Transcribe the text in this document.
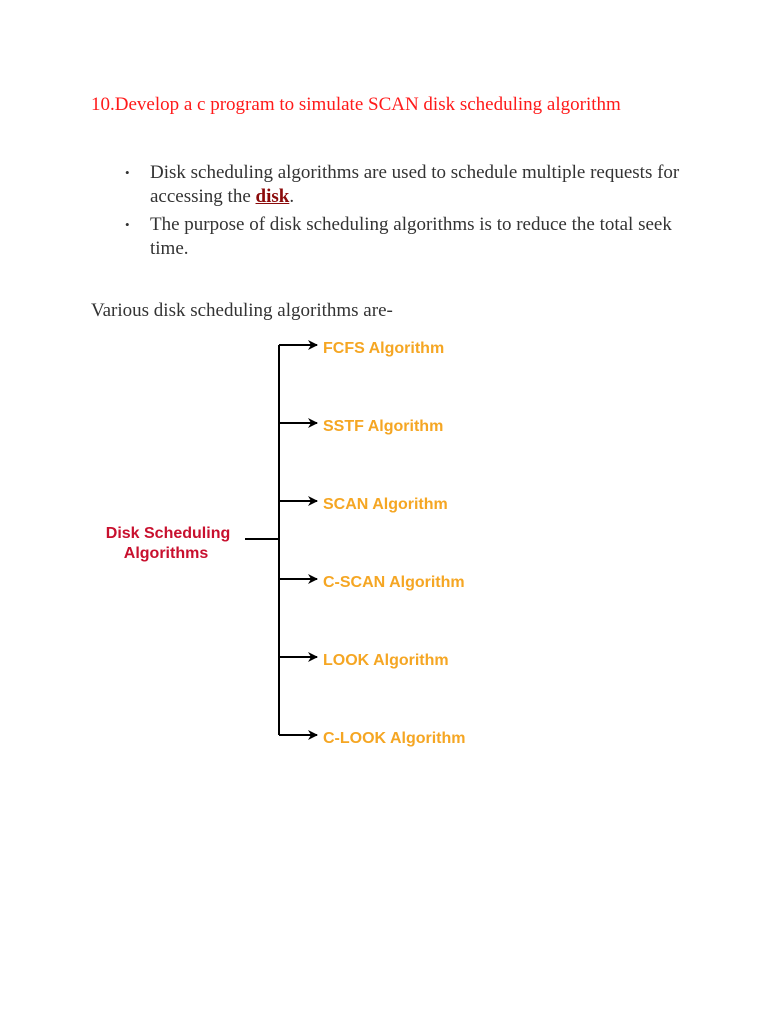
10.Develop a c program to simulate SCAN disk scheduling algorithm
• Disk scheduling algorithms are used to schedule multiple requests for accessing the disk.
• The purpose of disk scheduling algorithms is to reduce the total seek time.

Various disk scheduling algorithms are-

Disk Scheduling
Algorithms
FCFS Algorithm
SSTF Algorithm
SCAN Algorithm
C-SCAN Algorithm
LOOK Algorithm
C-LOOK Algorithm
